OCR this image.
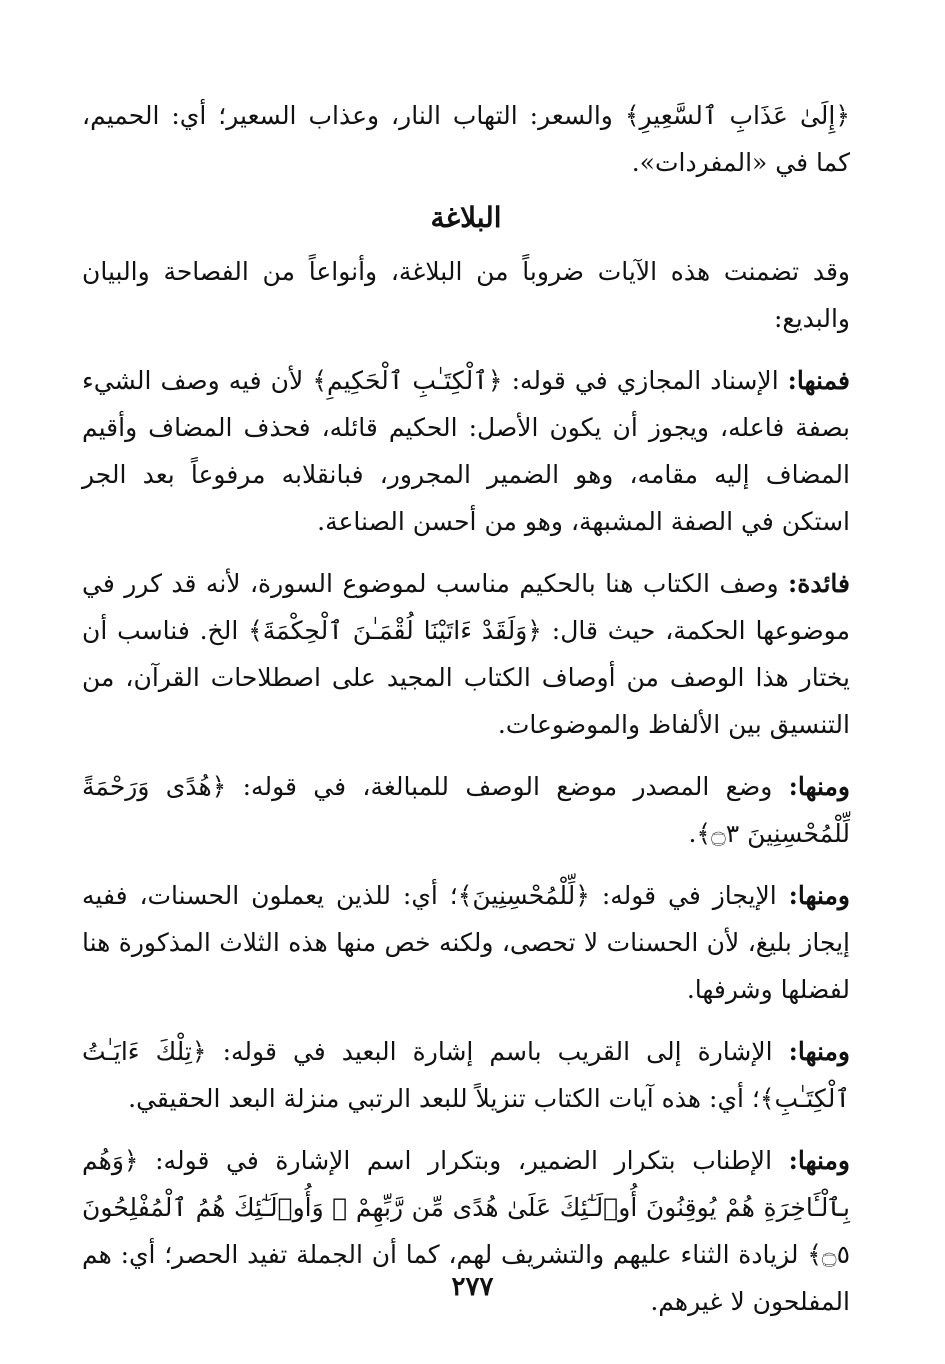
﴿إِلَىٰ عَذَابِ ٱلسَّعِيرِ﴾ والسعر: التهاب النار، وعذاب السعير؛ أي: الحميم، كما في «المفردات».

البلاغة

وقد تضمنت هذه الآيات ضروباً من البلاغة، وأنواعاً من الفصاحة والبيان والبديع:

فمنها: الإسناد المجازي في قوله: ﴿ٱلْكِتَـٰبِ ٱلْحَكِيمِ﴾ لأن فيه وصف الشيء بصفة فاعله، ويجوز أن يكون الأصل: الحكيم قائله، فحذف المضاف وأقيم المضاف إليه مقامه، وهو الضمير المجرور، فبانقلابه مرفوعاً بعد الجر استكن في الصفة المشبهة، وهو من أحسن الصناعة.

فائدة: وصف الكتاب هنا بالحكيم مناسب لموضوع السورة، لأنه قد كرر في موضوعها الحكمة، حيث قال: ﴿وَلَقَدْ ءَاتَيْنَا لُقْمَـٰنَ ٱلْحِكْمَةَ﴾ الخ. فناسب أن يختار هذا الوصف من أوصاف الكتاب المجيد على اصطلاحات القرآن، من التنسيق بين الألفاظ والموضوعات.

ومنها: وضع المصدر موضع الوصف للمبالغة، في قوله: ﴿هُدًى وَرَحْمَةً لِّلْمُحْسِنِينَ ۝٣﴾.

ومنها: الإيجاز في قوله: ﴿لِّلْمُحْسِنِينَ﴾؛ أي: للذين يعملون الحسنات، ففيه إيجاز بليغ، لأن الحسنات لا تحصى، ولكنه خص منها هذه الثلاث المذكورة هنا لفضلها وشرفها.

ومنها: الإشارة إلى القريب باسم إشارة البعيد في قوله: ﴿تِلْكَ ءَايَـٰتُ ٱلْكِتَـٰبِ﴾؛ أي: هذه آيات الكتاب تنزيلاً للبعد الرتبي منزلة البعد الحقيقي.

ومنها: الإطناب بتكرار الضمير، وبتكرار اسم الإشارة في قوله: ﴿وَهُم بِٱلْـَٔاخِرَةِ هُمْ يُوقِنُونَ أُو۟لَـٰٓئِكَ عَلَىٰ هُدًى مِّن رَّبِّهِمْ ۖ وَأُو۟لَـٰٓئِكَ هُمُ ٱلْمُفْلِحُونَ ۝٥﴾ لزيادة الثناء عليهم والتشريف لهم، كما أن الجملة تفيد الحصر؛ أي: هم المفلحون لا غيرهم.

٢٧٧
